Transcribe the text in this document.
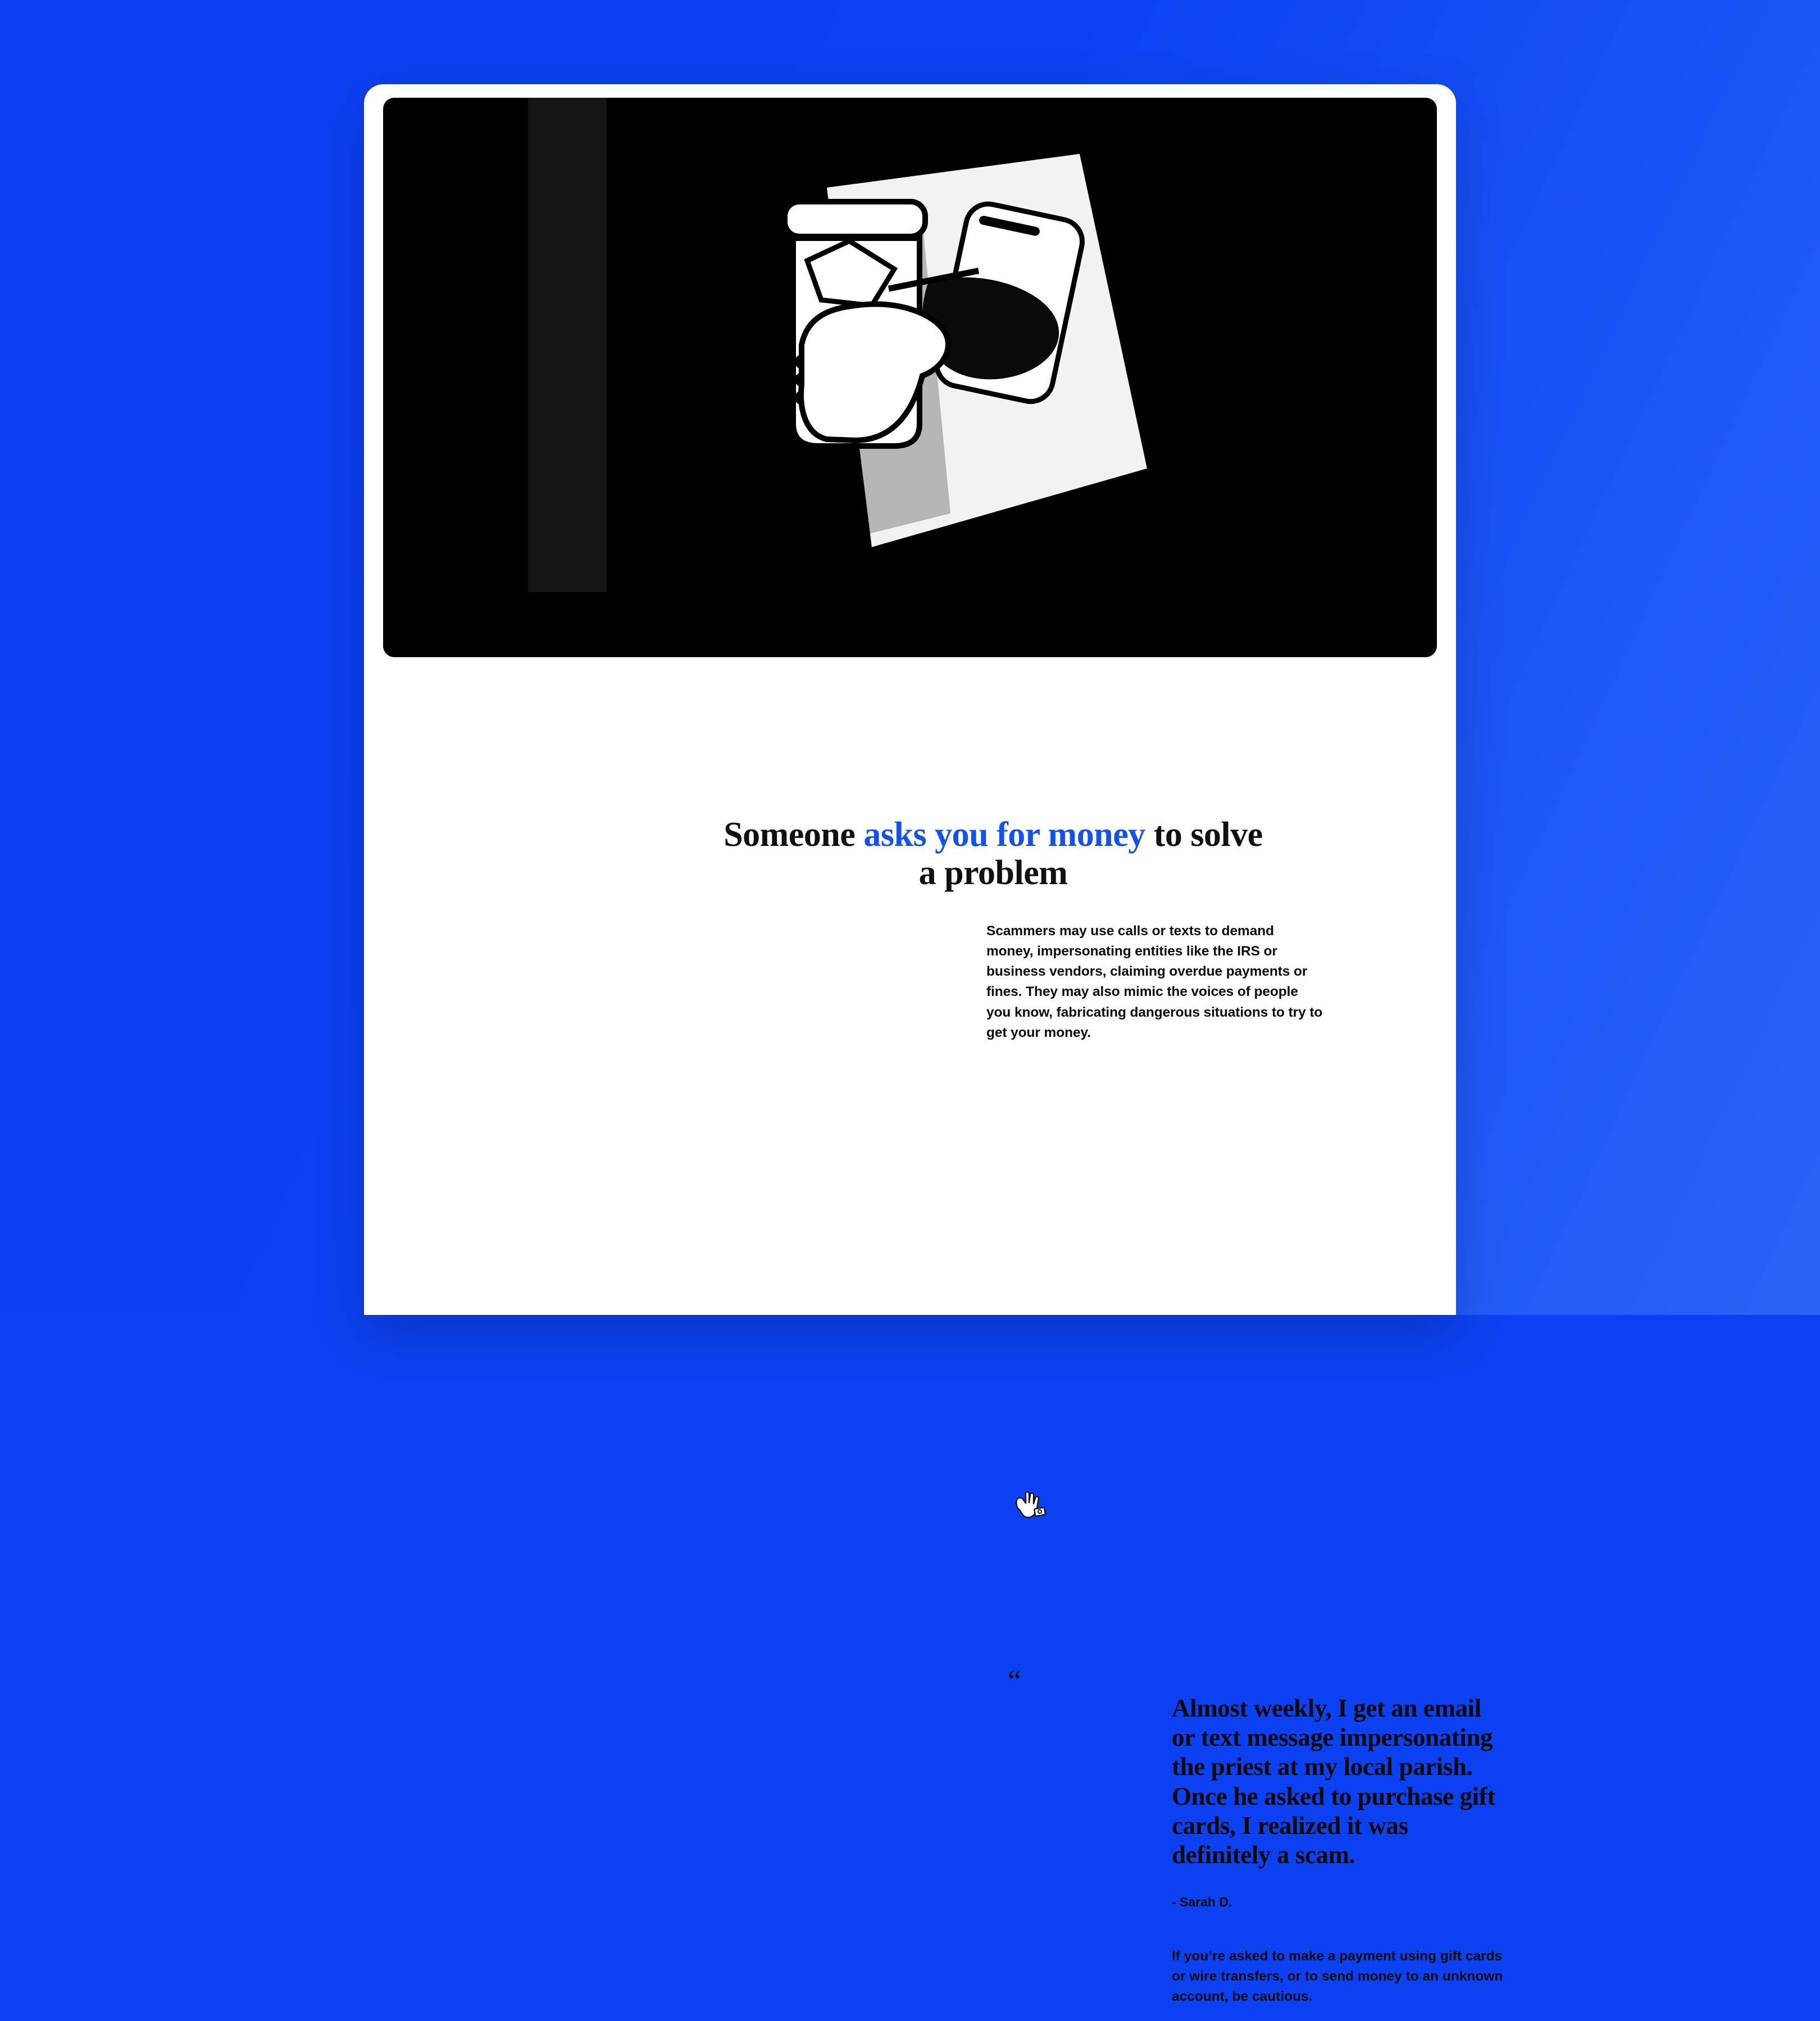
Someone asks you for money to solve a problem

Scammers may use calls or texts to demand money, impersonating entities like the IRS or business vendors, claiming overdue payments or fines. They may also mimic the voices of people you know, fabricating dangerous situations to try to get your money.

“

Almost weekly, I get an email or text message impersonating the priest at my local parish. Once he asked to purchase gift cards, I realized it was definitely a scam.

- Sarah D.

If you’re asked to make a payment using gift cards or wire transfers, or to send money to an unknown account, be cautious.
